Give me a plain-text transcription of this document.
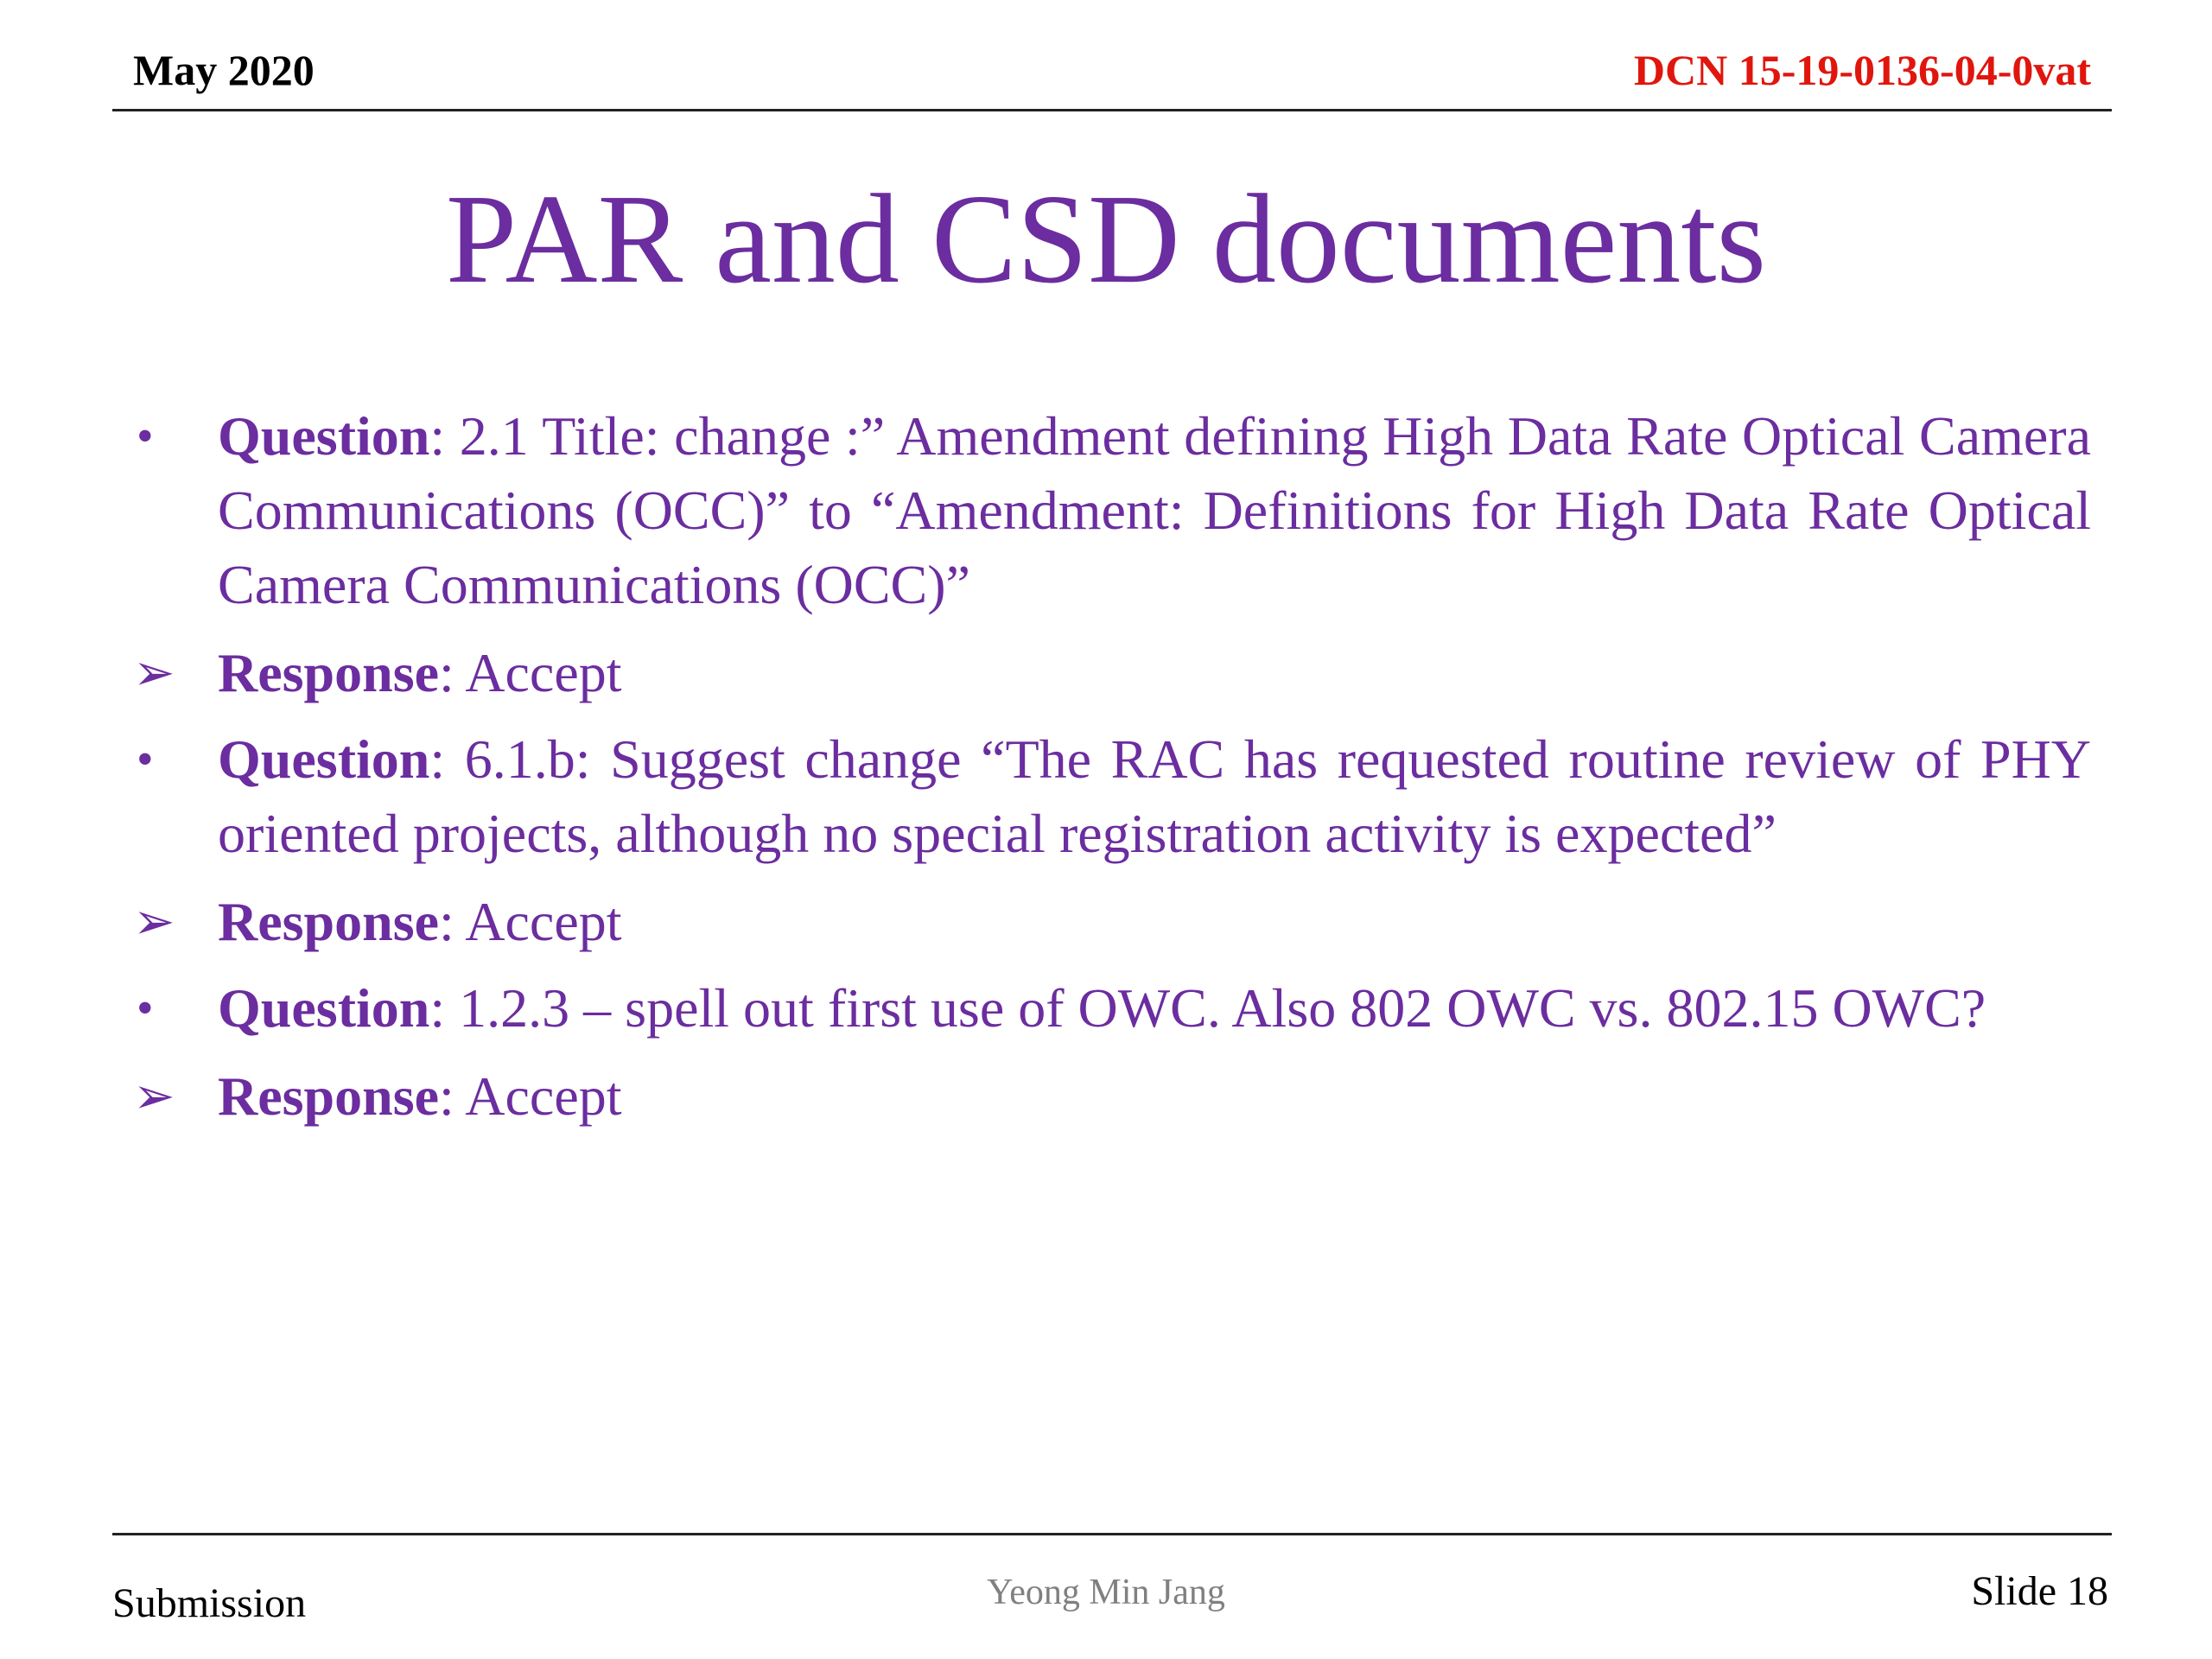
May 2020	DCN 15-19-0136-04-0vat
PAR and CSD documents
•	Question: 2.1 Title: change :” Amendment defining High Data Rate Optical Camera Communications (OCC)” to “Amendment: Definitions for High Data Rate Optical Camera Communications (OCC)”
➢ Response: Accept
•	Question: 6.1.b: Suggest change “The RAC has requested routine review of PHY oriented projects, although no special registration activity is expected”
➢ Response: Accept
•	Question: 1.2.3 – spell out first use of OWC. Also 802 OWC vs. 802.15 OWC?
➢ Response: Accept
Submission	Yeong Min Jang	Slide 18
